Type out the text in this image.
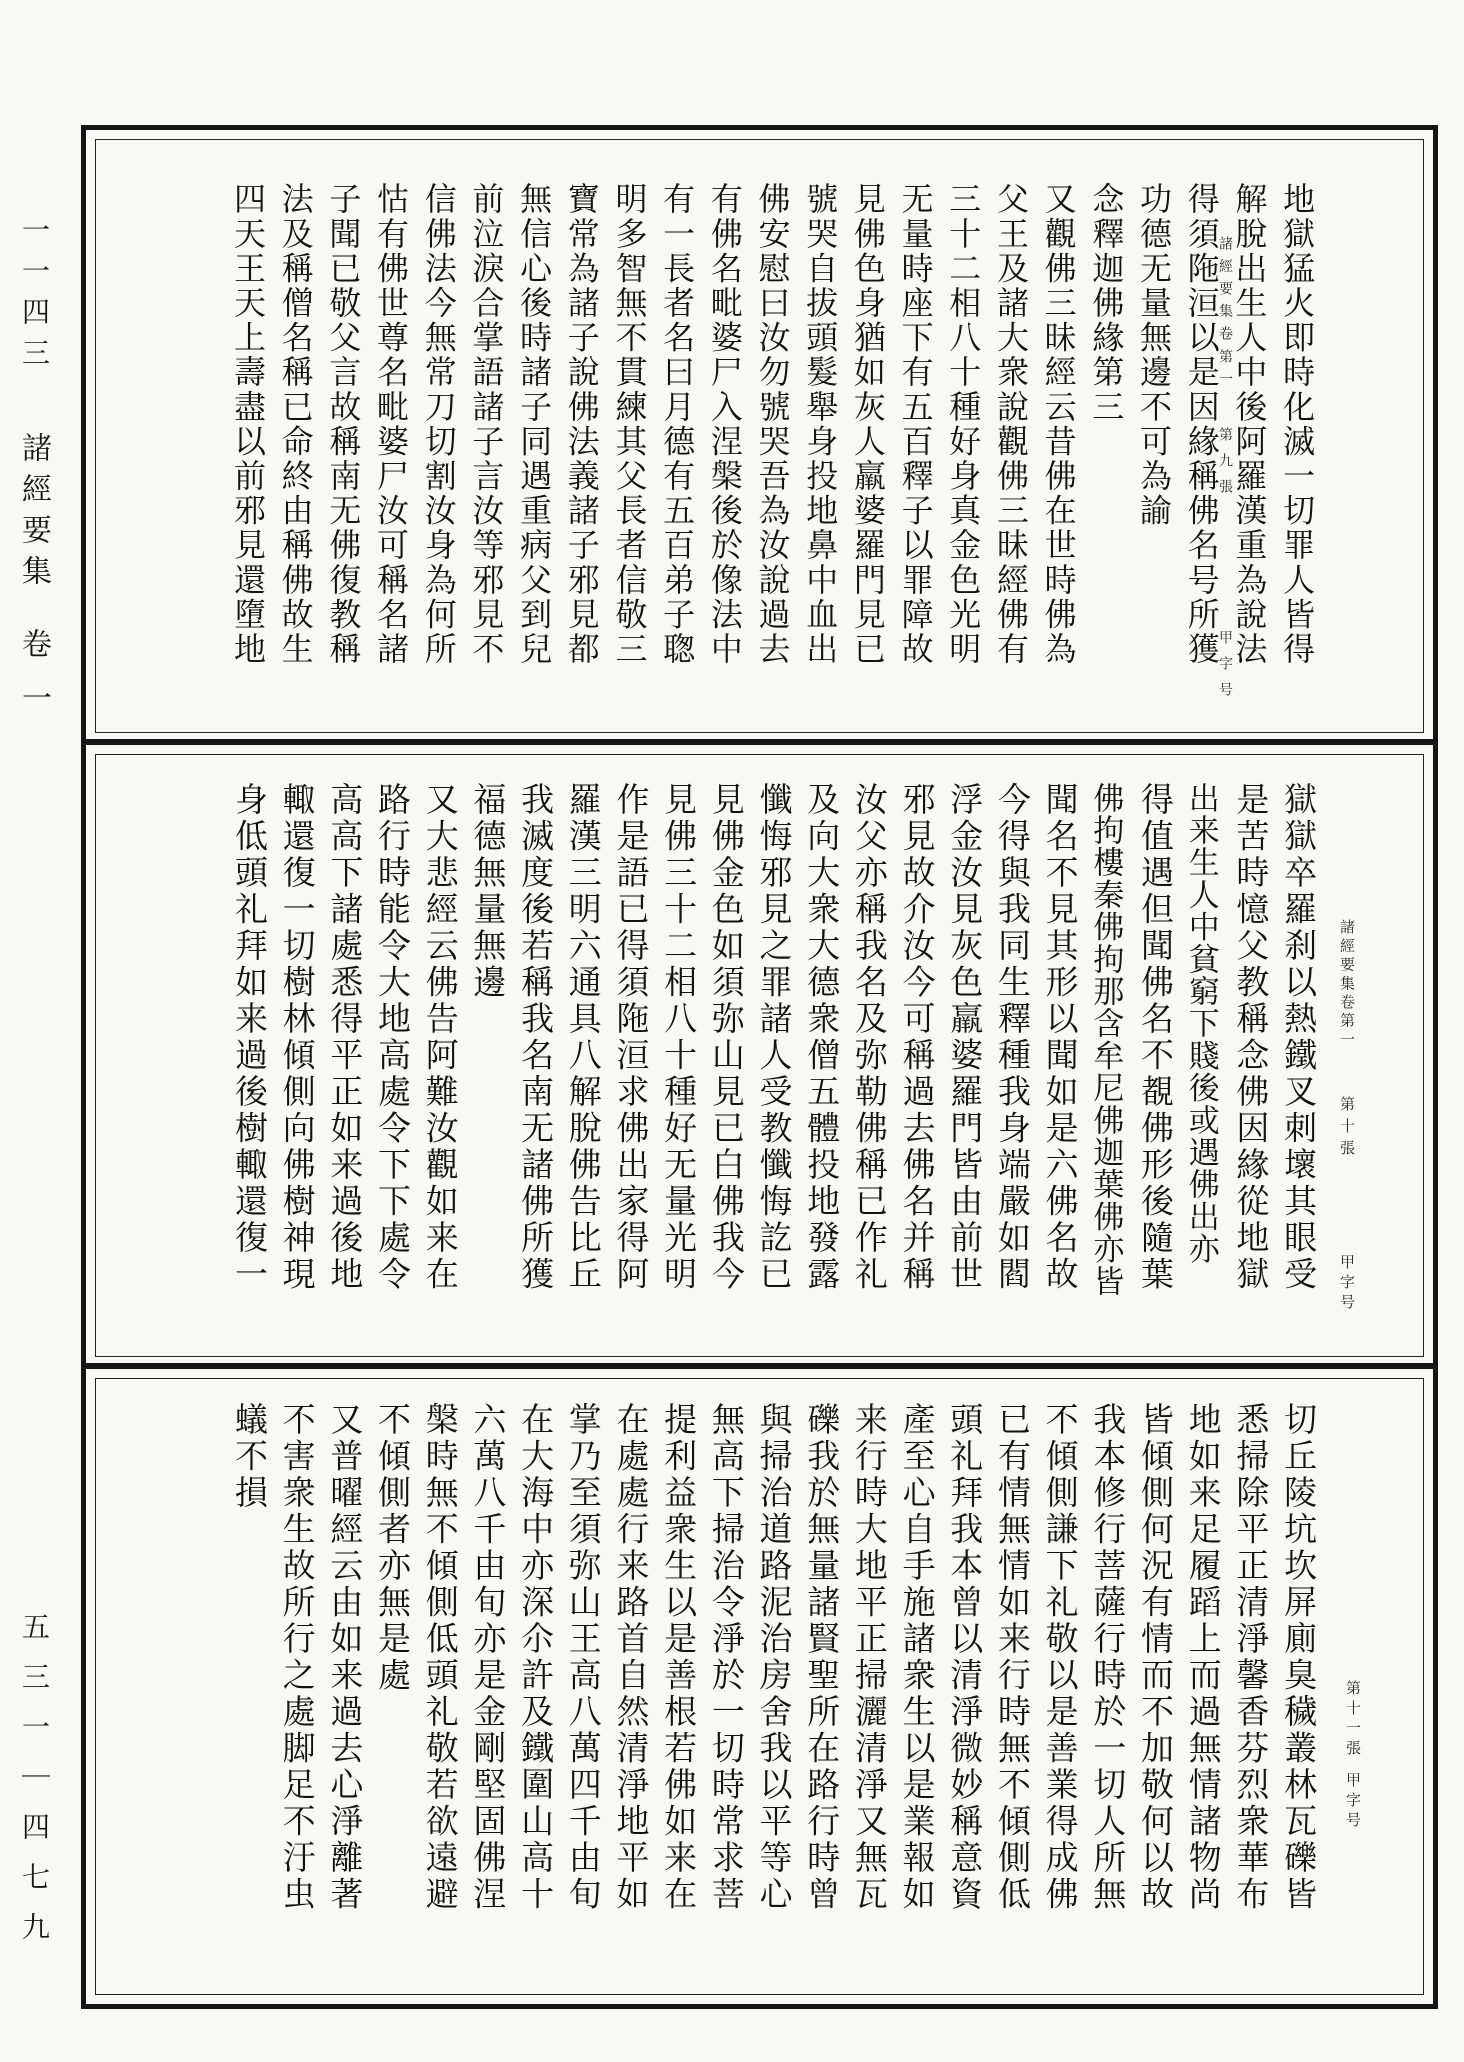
一一四三
諸經要集
卷一
五三一｜四七九
諸經要集卷第一
第九張
甲字号
諸經要集卷第一
第十張
甲字号
第十一張
甲字号
地獄猛火即時化滅一切罪人皆得
解脫出生人中後阿羅漢重為說法
得須陁洹以是因緣稱佛名号所獲
功德无量無邊不可為諭
念釋迦佛緣第三
又觀佛三昧經云昔佛在世時佛為
父王及諸大衆說觀佛三昧經佛有
三十二相八十種好身真金色光明
无量時座下有五百釋子以罪障故
見佛色身猶如灰人羸婆羅門見已
號哭自拔頭髮舉身投地鼻中血出
佛安慰曰汝勿號哭吾為汝說過去
有佛名毗婆尸入涅槃後於像法中
有一長者名曰月德有五百弟子聦
明多智無不貫練其父長者信敬三
寶常為諸子說佛法義諸子邪見都
無信心後時諸子同遇重病父到兒
前泣淚合掌語諸子言汝等邪見不
信佛法今無常刀切割汝身為何所
怙有佛世尊名毗婆尸汝可稱名諸
子聞已敬父言故稱南无佛復教稱
法及稱僧名稱已命終由稱佛故生
四天王天上壽盡以前邪見還墮地
獄獄卒羅刹以熱鐵叉刺壞其眼受
是苦時憶父教稱念佛因緣從地獄
出来生人中貧窮下賤後或遇佛出亦
得值遇但聞佛名不覩佛形後隨葉
佛拘樓秦佛拘那含牟尼佛迦葉佛亦皆
聞名不見其形以聞如是六佛名故
今得與我同生釋種我身端嚴如閻
浮金汝見灰色羸婆羅門皆由前世
邪見故介汝今可稱過去佛名并稱
汝父亦稱我名及弥勒佛稱已作礼
及向大衆大德衆僧五體投地發露
懺悔邪見之罪諸人受教懺悔訖已
見佛金色如須弥山見已白佛我今
見佛三十二相八十種好无量光明
作是語已得須陁洹求佛出家得阿
羅漢三明六通具八解脫佛告比丘
我滅度後若稱我名南无諸佛所獲
福德無量無邊
又大悲經云佛告阿難汝觀如来在
路行時能令大地高處令下下處令
高高下諸處悉得平正如来過後地
輙還復一切樹林傾側向佛樹神現
身低頭礼拜如来過後樹輙還復一
切丘陵坑坎屏廁臭穢叢林瓦礫皆
悉掃除平正清淨馨香芬烈衆華布
地如来足履蹈上而過無情諸物尚
皆傾側何況有情而不加敬何以故
我本修行菩薩行時於一切人所無
不傾側謙下礼敬以是善業得成佛
已有情無情如来行時無不傾側低
頭礼拜我本曾以清淨微妙稱意資
產至心自手施諸衆生以是業報如
来行時大地平正掃灑清淨又無瓦
礫我於無量諸賢聖所在路行時曾
與掃治道路泥治房舍我以平等心
無高下掃治令淨於一切時常求菩
提利益衆生以是善根若佛如来在
在處處行来路首自然清淨地平如
掌乃至須弥山王高八萬四千由旬
在大海中亦深尒許及鐵圍山高十
六萬八千由旬亦是金剛堅固佛涅
槃時無不傾側低頭礼敬若欲遠避
不傾側者亦無是處
又普曜經云由如来過去心淨離著
不害衆生故所行之處脚足不汙虫
蟻不損
